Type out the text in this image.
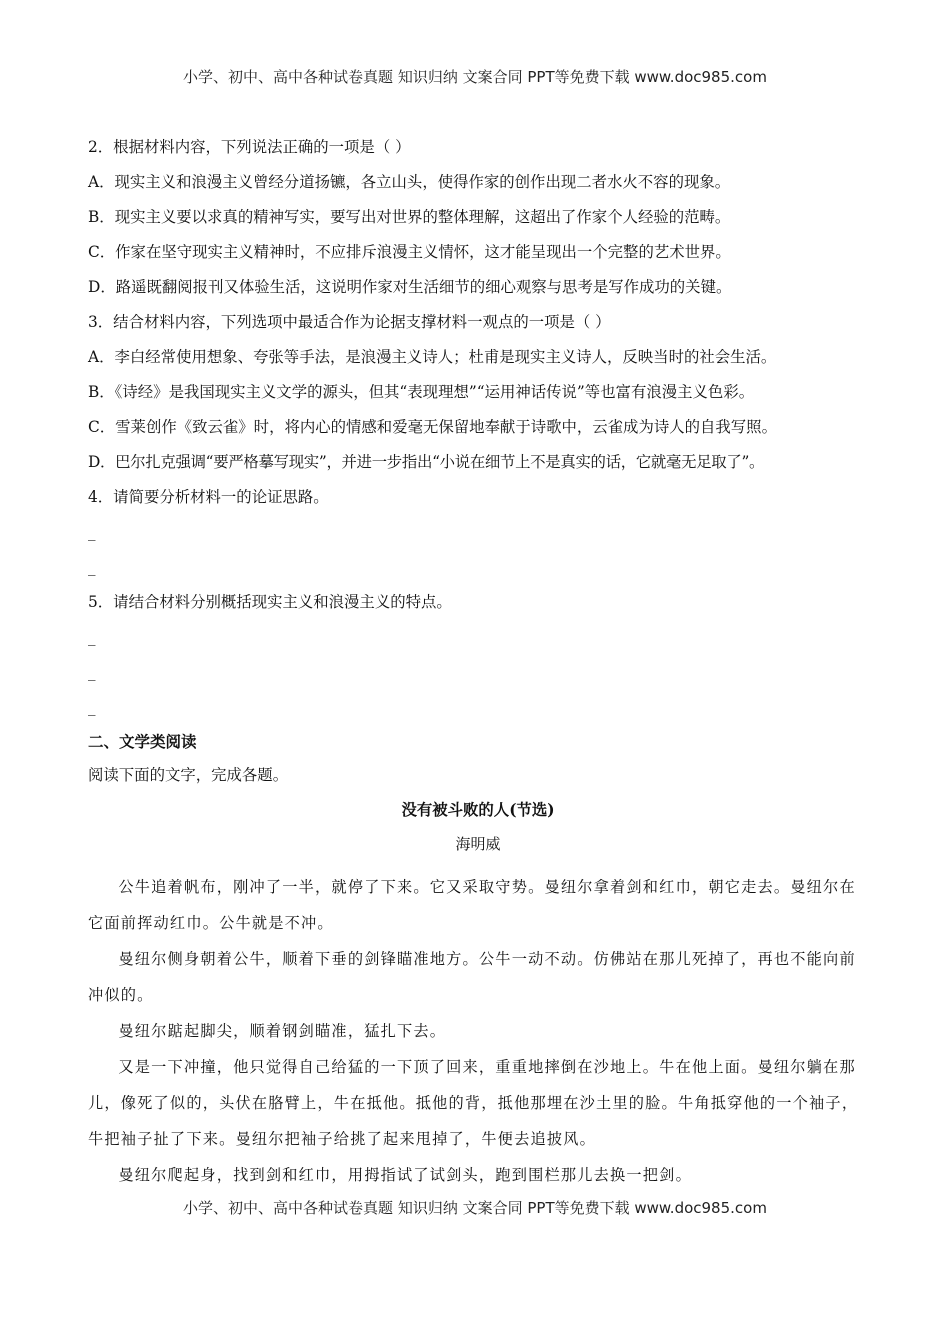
小学、初中、高中各种试卷真题 知识归纳 文案合同 PPT等免费下载 www.doc985.com
2．根据材料内容，下列说法正确的一项是（ ）
A．现实主义和浪漫主义曾经分道扬镳，各立山头，使得作家的创作出现二者水火不容的现象。
B．现实主义要以求真的精神写实，要写出对世界的整体理解，这超出了作家个人经验的范畴。
C．作家在坚守现实主义精神时，不应排斥浪漫主义情怀，这才能呈现出一个完整的艺术世界。
D．路遥既翻阅报刊又体验生活，这说明作家对生活细节的细心观察与思考是写作成功的关键。
3．结合材料内容，下列选项中最适合作为论据支撑材料一观点的一项是（ ）
A．李白经常使用想象、夸张等手法，是浪漫主义诗人；杜甫是现实主义诗人，反映当时的社会生活。
B．《诗经》是我国现实主义文学的源头，但其“表现理想”“运用神话传说”等也富有浪漫主义色彩。
C．雪莱创作《致云雀》时，将内心的情感和爱毫无保留地奉献于诗歌中，云雀成为诗人的自我写照。
D．巴尔扎克强调“要严格摹写现实”，并进一步指出“小说在细节上不是真实的话，它就毫无足取了”。
4．请简要分析材料一的论证思路。
_
_
5．请结合材料分别概括现实主义和浪漫主义的特点。
_
_
_
二、文学类阅读
阅读下面的文字，完成各题。
没有被斗败的人(节选)
海明威
公牛追着帆布，刚冲了一半，就停了下来。它又采取守势。曼纽尔拿着剑和红巾，朝它走去。曼纽尔在它面前挥动红巾。公牛就是不冲。
曼纽尔侧身朝着公牛，顺着下垂的剑锋瞄准地方。公牛一动不动。仿佛站在那儿死掉了，再也不能向前冲似的。
曼纽尔踮起脚尖，顺着钢剑瞄准，猛扎下去。
又是一下冲撞，他只觉得自己给猛的一下顶了回来，重重地摔倒在沙地上。牛在他上面。曼纽尔躺在那儿，像死了似的，头伏在胳臂上，牛在抵他。抵他的背，抵他那埋在沙土里的脸。牛角抵穿他的一个袖子，牛把袖子扯了下来。曼纽尔把袖子给挑了起来甩掉了，牛便去追披风。
曼纽尔爬起身，找到剑和红巾，用拇指试了试剑头，跑到围栏那儿去换一把剑。
小学、初中、高中各种试卷真题 知识归纳 文案合同 PPT等免费下载 www.doc985.com
